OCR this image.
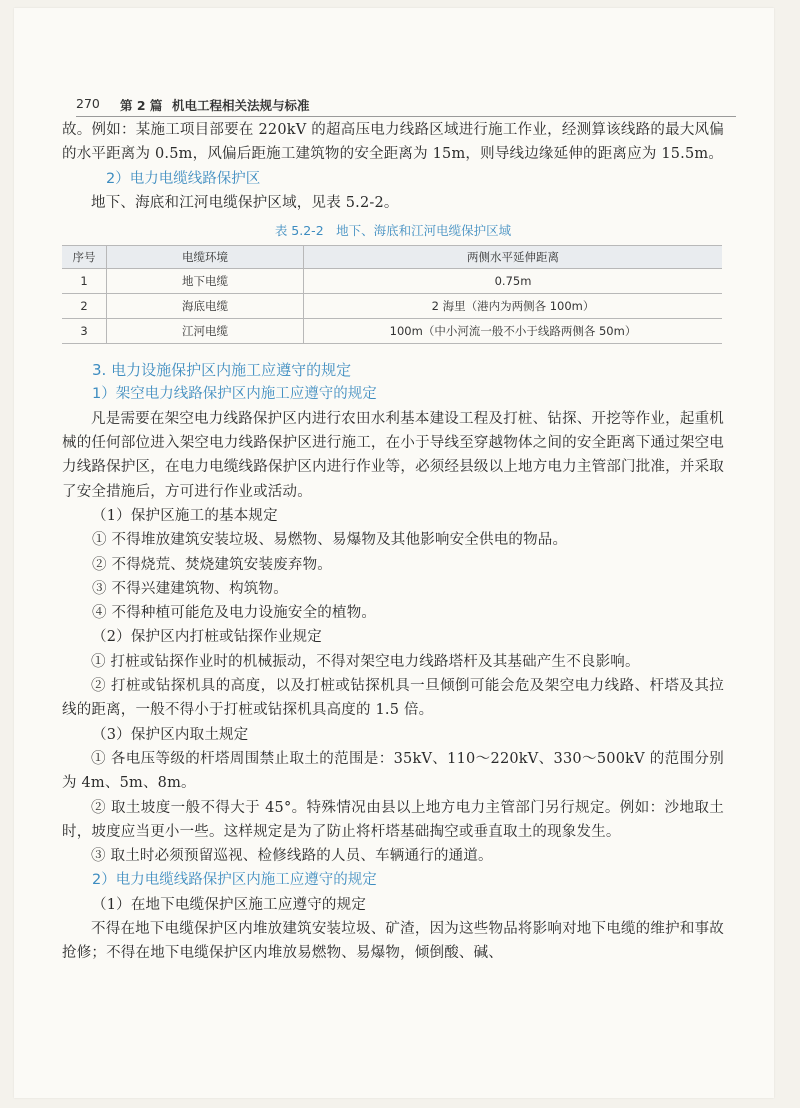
270 第 2 篇 机电工程相关法规与标准

故。例如：某施工项目部要在 220kV 的超高压电力线路区域进行施工作业，经测算该线路的最大风偏的水平距离为 0.5m，风偏后距施工建筑物的安全距离为 15m，则导线边缘延伸的距离应为 15.5m。

2）电力电缆线路保护区

地下、海底和江河电缆保护区域，见表 5.2-2。

表 5.2-2　地下、海底和江河电缆保护区域
序号	电缆环境	两侧水平延伸距离
1	地下电缆	0.75m
2	海底电缆	2 海里（港内为两侧各 100m）
3	江河电缆	100m（中小河流一般不小于线路两侧各 50m）

3. 电力设施保护区内施工应遵守的规定

1）架空电力线路保护区内施工应遵守的规定

凡是需要在架空电力线路保护区内进行农田水利基本建设工程及打桩、钻探、开挖等作业，起重机械的任何部位进入架空电力线路保护区进行施工，在小于导线至穿越物体之间的安全距离下通过架空电力线路保护区，在电力电缆线路保护区内进行作业等，必须经县级以上地方电力主管部门批准，并采取了安全措施后，方可进行作业或活动。

（1）保护区施工的基本规定

① 不得堆放建筑安装垃圾、易燃物、易爆物及其他影响安全供电的物品。

② 不得烧荒、焚烧建筑安装废弃物。

③ 不得兴建建筑物、构筑物。

④ 不得种植可能危及电力设施安全的植物。

（2）保护区内打桩或钻探作业规定

① 打桩或钻探作业时的机械振动，不得对架空电力线路塔杆及其基础产生不良影响。

② 打桩或钻探机具的高度，以及打桩或钻探机具一旦倾倒可能会危及架空电力线路、杆塔及其拉线的距离，一般不得小于打桩或钻探机具高度的 1.5 倍。

（3）保护区内取土规定

① 各电压等级的杆塔周围禁止取土的范围是：35kV、110～220kV、330～500kV 的范围分别为 4m、5m、8m。

② 取土坡度一般不得大于 45°。特殊情况由县以上地方电力主管部门另行规定。例如：沙地取土时，坡度应当更小一些。这样规定是为了防止将杆塔基础掏空或垂直取土的现象发生。

③ 取土时必须预留巡视、检修线路的人员、车辆通行的通道。

2）电力电缆线路保护区内施工应遵守的规定

（1）在地下电缆保护区施工应遵守的规定

不得在地下电缆保护区内堆放建筑安装垃圾、矿渣，因为这些物品将影响对地下电缆的维护和事故抢修；不得在地下电缆保护区内堆放易燃物、易爆物，倾倒酸、碱、
